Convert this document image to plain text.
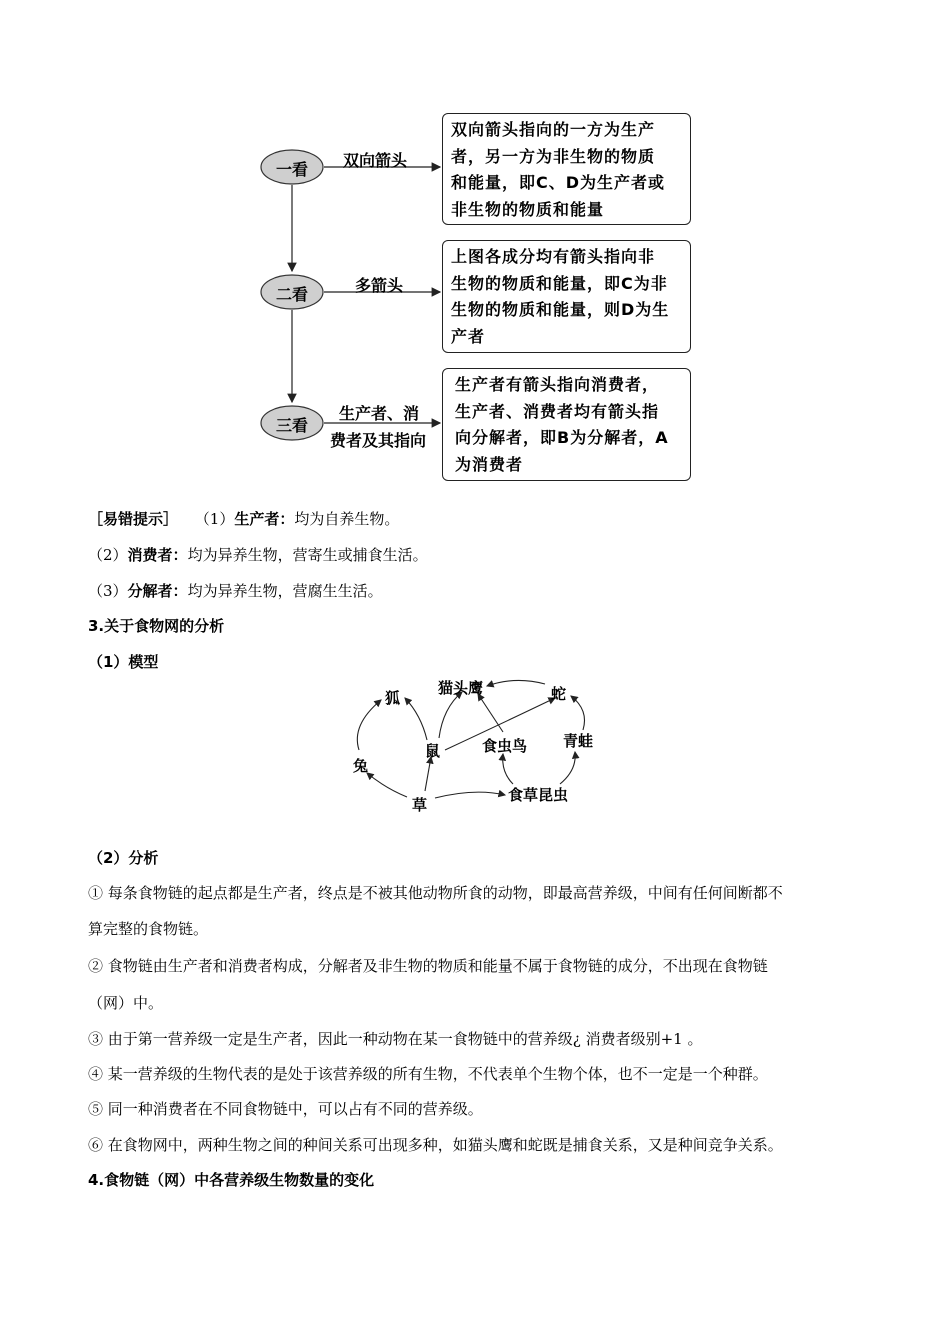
一看
二看
三看
双向箭头
多箭头
生产者、消
费者及其指向
双向箭头指向的一方为生产
者，另一方为非生物的物质
和能量，即C、D为生产者或
非生物的物质和能量
上图各成分均有箭头指向非
生物的物质和能量，即C为非
生物的物质和能量，则D为生
产者
生产者有箭头指向消费者，
生产者、消费者均有箭头指
向分解者，即B为分解者，A
为消费者
［易错提示］ （1）生产者：均为自养生物。
（2）消费者：均为异养生物，营寄生或捕食生活。
（3）分解者：均为异养生物，营腐生生活。
3.关于食物网的分析
（1）模型
狐
猫头鹰	蛇
鼠	食虫鸟 青蛙
兔
草
食草昆虫
（2）分析
① 每条食物链的起点都是生产者，终点是不被其他动物所食的动物，即最高营养级，中间有任何间断都不
算完整的食物链。
② 食物链由生产者和消费者构成，分解者及非生物的物质和能量不属于食物链的成分，不出现在食物链
（网）中。
③ 由于第一营养级一定是生产者，因此一种动物在某一食物链中的营养级¿ 消费者级别+1 。
④ 某一营养级的生物代表的是处于该营养级的所有生物，不代表单个生物个体，也不一定是一个种群。
⑤ 同一种消费者在不同食物链中，可以占有不同的营养级。
⑥ 在食物网中，两种生物之间的种间关系可出现多种，如猫头鹰和蛇既是捕食关系，又是种间竞争关系。
4.食物链（网）中各营养级生物数量的变化
